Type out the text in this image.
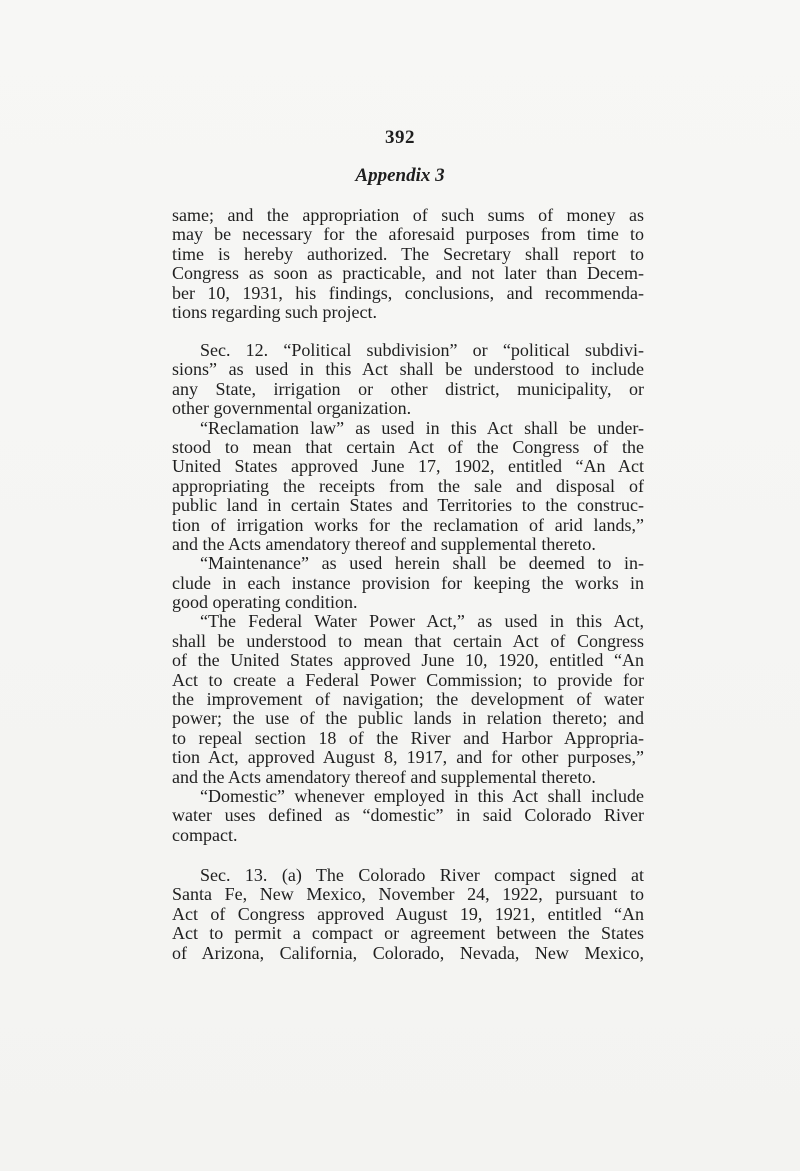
392
Appendix 3
same; and the appropriation of such sums of money as
may be necessary for the aforesaid purposes from time to
time is hereby authorized. The Secretary shall report to
Congress as soon as practicable, and not later than Decem-
ber 10, 1931, his findings, conclusions, and recommenda-
tions regarding such project.
Sec. 12. “Political subdivision” or “political subdivi-
sions” as used in this Act shall be understood to include
any State, irrigation or other district, municipality, or
other governmental organization.
“Reclamation law” as used in this Act shall be under-
stood to mean that certain Act of the Congress of the
United States approved June 17, 1902, entitled “An Act
appropriating the receipts from the sale and disposal of
public land in certain States and Territories to the construc-
tion of irrigation works for the reclamation of arid lands,”
and the Acts amendatory thereof and supplemental thereto.
“Maintenance” as used herein shall be deemed to in-
clude in each instance provision for keeping the works in
good operating condition.
“The Federal Water Power Act,” as used in this Act,
shall be understood to mean that certain Act of Congress
of the United States approved June 10, 1920, entitled “An
Act to create a Federal Power Commission; to provide for
the improvement of navigation; the development of water
power; the use of the public lands in relation thereto; and
to repeal section 18 of the River and Harbor Appropria-
tion Act, approved August 8, 1917, and for other purposes,”
and the Acts amendatory thereof and supplemental thereto.
“Domestic” whenever employed in this Act shall include
water uses defined as “domestic” in said Colorado River
compact.
Sec. 13. (a) The Colorado River compact signed at
Santa Fe, New Mexico, November 24, 1922, pursuant to
Act of Congress approved August 19, 1921, entitled “An
Act to permit a compact or agreement between the States
of Arizona, California, Colorado, Nevada, New Mexico,
